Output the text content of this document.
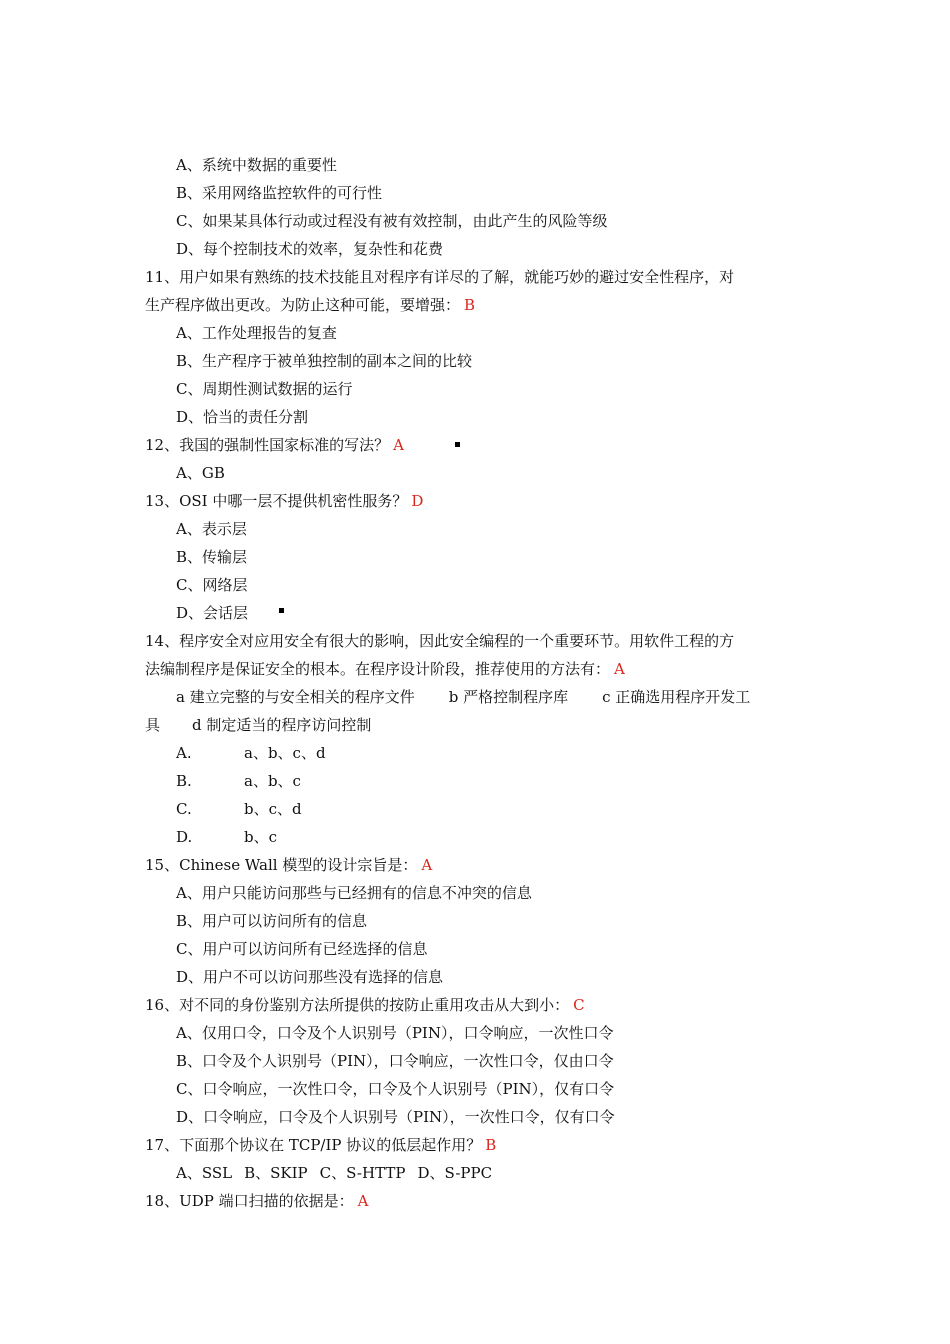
A、系统中数据的重要性
B、采用网络监控软件的可行性
C、如果某具体行动或过程没有被有效控制，由此产生的风险等级
D、每个控制技术的效率，复杂性和花费
11、用户如果有熟练的技术技能且对程序有详尽的了解，就能巧妙的避过安全性程序，对
生产程序做出更改。为防止这种可能，要增强： B
A、工作处理报告的复查
B、生产程序于被单独控制的副本之间的比较
C、周期性测试数据的运行
D、恰当的责任分割
12、我国的强制性国家标准的写法？ A
A、GB
13、OSI 中哪一层不提供机密性服务？ D
A、表示层
B、传输层
C、网络层
D、会话层
14、程序安全对应用安全有很大的影响，因此安全编程的一个重要环节。用软件工程的方
法编制程序是保证安全的根本。在程序设计阶段，推荐使用的方法有： A
a 建立完整的与安全相关的程序文件 b 严格控制程序库 c 正确选用程序开发工
具 d 制定适当的程序访问控制
A.	a、b、c、d
B.	a、b、c
C.	b、c、d
D.	b、c
15、Chinese Wall 模型的设计宗旨是： A
A、用户只能访问那些与已经拥有的信息不冲突的信息
B、用户可以访问所有的信息
C、用户可以访问所有已经选择的信息
D、用户不可以访问那些没有选择的信息
16、对不同的身份鉴别方法所提供的按防止重用攻击从大到小： C
A、仅用口令，口令及个人识别号（PIN），口令响应，一次性口令
B、口令及个人识别号（PIN），口令响应，一次性口令，仅由口令
C、口令响应，一次性口令，口令及个人识别号（PIN），仅有口令
D、口令响应，口令及个人识别号（PIN），一次性口令，仅有口令
17、下面那个协议在 TCP/IP 协议的低层起作用？ B
A、SSL B、SKIP C、S-HTTP D、S-PPC
18、UDP 端口扫描的依据是： A
